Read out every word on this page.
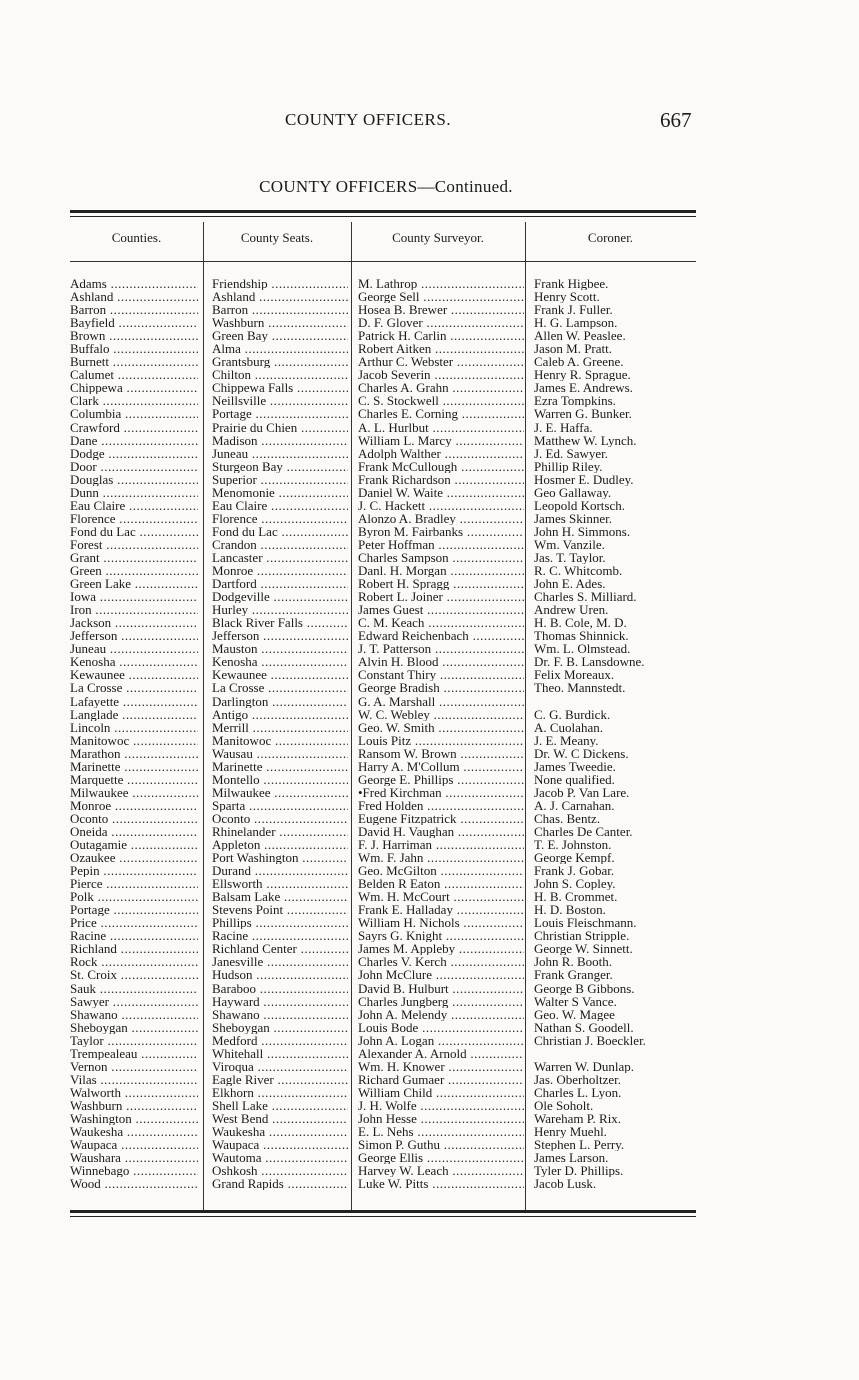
COUNTY OFFICERS.	667
COUNTY OFFICERS—Continued.
Counties.	County Seats.	County Surveyor.	Coroner.
Adams .....	Friendship .....	M. Lathrop .....	Frank Higbee.
Ashland .....	Ashland .....	George Sell .....	Henry Scott.
Barron .....	Barron .....	Hosea B. Brewer .....	Frank J. Fuller.
Bayfield .....	Washburn .....	D. F. Glover .....	H. G. Lampson.
Brown .....	Green Bay .....	Patrick H. Carlin .....	Allen W. Peaslee.
Buffalo .....	Alma .....	Robert Aitken .....	Jason M. Pratt.
Burnett .....	Grantsburg .....	Arthur C. Webster .....	Caleb A. Greene.
Calumet .....	Chilton .....	Jacob Severin .....	Henry R. Sprague.
Chippewa .....	Chippewa Falls .....	Charles A. Grahn .....	James E. Andrews.
Clark .....	Neillsville .....	C. S. Stockwell .....	Ezra Tompkins.
Columbia .....	Portage .....	Charles E. Corning .....	Warren G. Bunker.
Crawford .....	Prairie du Chien .....	A. L. Hurlbut .....	J. E. Haffa.
Dane .....	Madison .....	William L. Marcy .....	Matthew W. Lynch.
Dodge .....	Juneau .....	Adolph Walther .....	J. Ed. Sawyer.
Door .....	Sturgeon Bay .....	Frank McCullough .....	Phillip Riley.
Douglas .....	Superior .....	Frank Richardson .....	Hosmer E. Dudley.
Dunn .....	Menomonie .....	Daniel W. Waite .....	Geo Gallaway.
Eau Claire .....	Eau Claire .....	J. C. Hackett .....	Leopold Kortsch.
Florence .....	Florence .....	Alonzo A. Bradley .....	James Skinner.
Fond du Lac .....	Fond du Lac .....	Byron M. Fairbanks .....	John H. Simmons.
Forest .....	Crandon .....	Peter Hoffman .....	Wm. Vanzile.
Grant .....	Lancaster .....	Charles Sampson .....	Jas. T. Taylor.
Green .....	Monroe .....	Danl. H. Morgan .....	R. C. Whitcomb.
Green Lake .....	Dartford .....	Robert H. Spragg .....	John E. Ades.
Iowa .....	Dodgeville .....	Robert L. Joiner .....	Charles S. Milliard.
Iron .....	Hurley .....	James Guest .....	Andrew Uren.
Jackson .....	Black River Falls .....	C. M. Keach .....	H. B. Cole, M. D.
Jefferson .....	Jefferson .....	Edward Reichenbach .....	Thomas Shinnick.
Juneau .....	Mauston .....	J. T. Patterson .....	Wm. L. Olmstead.
Kenosha .....	Kenosha .....	Alvin H. Blood .....	Dr. F. B. Lansdowne.
Kewaunee .....	Kewaunee .....	Constant Thiry .....	Felix Moreaux.
La Crosse .....	La Crosse .....	George Bradish .....	Theo. Mannstedt.
Lafayette .....	Darlington .....	G. A. Marshall .....
Langlade .....	Antigo .....	W. C. Webley .....	C. G. Burdick.
Lincoln .....	Merrill .....	Geo. W. Smith .....	A. Cuolahan.
Manitowoc .....	Manitowoc .....	Louis Pitz .....	J. E. Meany.
Marathon .....	Wausau .....	Ransom W. Brown .....	Dr. W. C Dickens.
Marinette .....	Marinette .....	Harry A. M'Collum .....	James Tweedie.
Marquette .....	Montello .....	George E. Phillips .....	None qualified.
Milwaukee .....	Milwaukee .....	•Fred Kirchman .....	Jacob P. Van Lare.
Monroe .....	Sparta .....	Fred Holden .....	A. J. Carnahan.
Oconto .....	Oconto .....	Eugene Fitzpatrick .....	Chas. Bentz.
Oneida .....	Rhinelander .....	David H. Vaughan .....	Charles De Canter.
Outagamie .....	Appleton .....	F. J. Harriman .....	T. E. Johnston.
Ozaukee .....	Port Washington .....	Wm. F. Jahn .....	George Kempf.
Pepin .....	Durand .....	Geo. McGilton .....	Frank J. Gobar.
Pierce .....	Ellsworth .....	Belden R Eaton .....	John S. Copley.
Polk .....	Balsam Lake .....	Wm. H. McCourt .....	H. B. Crommet.
Portage .....	Stevens Point .....	Frank E. Halladay .....	H. D. Boston.
Price .....	Phillips .....	William H. Nichols .....	Louis Fleischmann.
Racine .....	Racine .....	Sayrs G. Knight .....	Christian Stripple.
Richland .....	Richland Center .....	James M. Appleby .....	George W. Sinnett.
Rock .....	Janesville .....	Charles V. Kerch .....	John R. Booth.
St. Croix .....	Hudson .....	John McClure .....	Frank Granger.
Sauk .....	Baraboo .....	David B. Hulburt .....	George B Gibbons.
Sawyer .....	Hayward .....	Charles Jungberg .....	Walter S Vance.
Shawano .....	Shawano .....	John A. Melendy .....	Geo. W. Magee
Sheboygan .....	Sheboygan .....	Louis Bode .....	Nathan S. Goodell.
Taylor .....	Medford .....	John A. Logan .....	Christian J. Boeckler.
Trempealeau .....	Whitehall .....	Alexander A. Arnold .....
Vernon .....	Viroqua .....	Wm. H. Knower .....	Warren W. Dunlap.
Vilas .....	Eagle River .....	Richard Gumaer .....	Jas. Oberholtzer.
Walworth .....	Elkhorn .....	William Child .....	Charles L. Lyon.
Washburn .....	Shell Lake .....	J. H. Wolfe .....	Ole Soholt.
Washington .....	West Bend .....	John Hesse .....	Wareham P. Rix.
Waukesha .....	Waukesha .....	E. L. Nehs .....	Henry Muehl.
Waupaca .....	Waupaca .....	Simon P. Guthu .....	Stephen L. Perry.
Waushara .....	Wautoma .....	George Ellis .....	James Larson.
Winnebago .....	Oshkosh .....	Harvey W. Leach .....	Tyler D. Phillips.
Wood .....	Grand Rapids .....	Luke W. Pitts .....	Jacob Lusk.
